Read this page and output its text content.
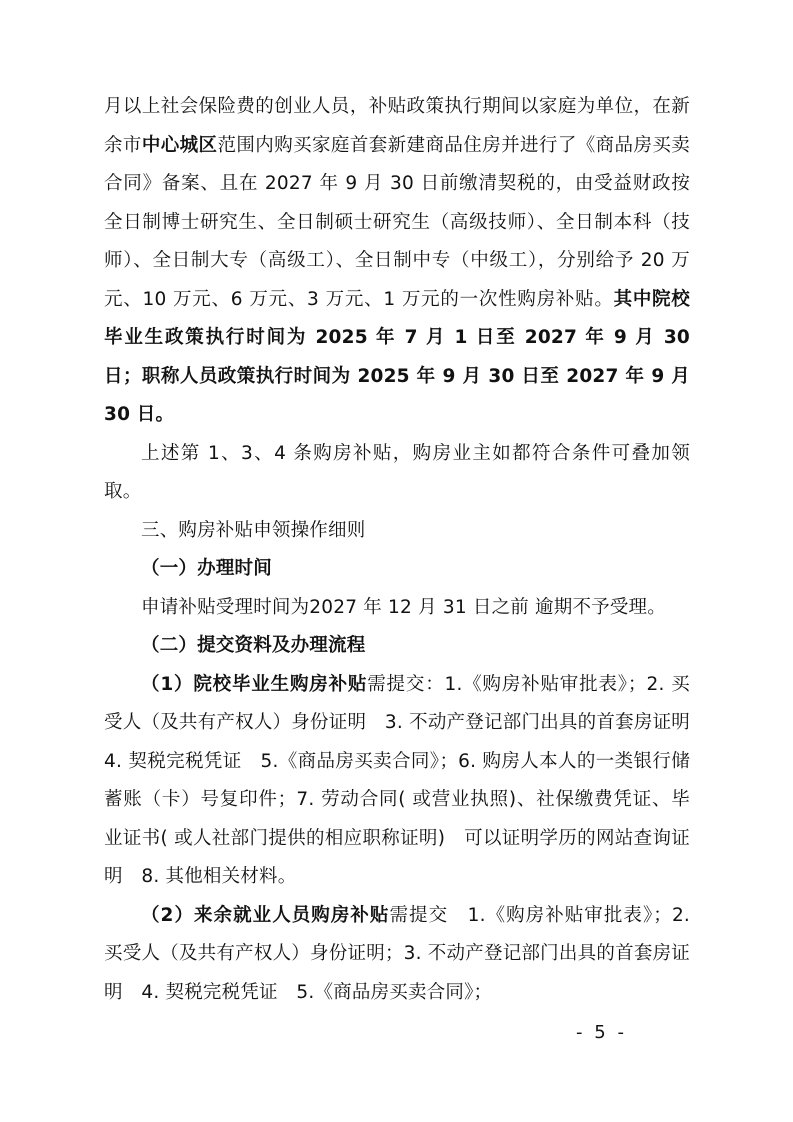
月以上社会保险费的创业人员，补贴政策执行期间以家庭为单位，在新余市中心城区范围内购买家庭首套新建商品住房并进行了《商品房买卖合同》备案、且在 2027 年 9 月 30 日前缴清契税的，由受益财政按全日制博士研究生、全日制硕士研究生（高级技师）、全日制本科（技师）、全日制大专（高级工）、全日制中专（中级工），分别给予 20 万元、10 万元、6 万元、3 万元、1 万元的一次性购房补贴。其中院校毕业生政策执行时间为 2025 年 7 月 1 日至 2027 年 9 月 30 日；职称人员政策执行时间为 2025 年 9 月 30 日至 2027 年 9 月 30 日。

上述第 1、3、4 条购房补贴，购房业主如都符合条件可叠加领取。

三、购房补贴申领操作细则

（一）办理时间

申请补贴受理时间为2027 年 12 月 31 日之前 逾期不予受理。

（二）提交资料及办理流程

（1）院校毕业生购房补贴需提交：1.《购房补贴审批表》；2. 买受人（及共有产权人）身份证明　3. 不动产登记部门出具的首套房证明　4. 契税完税凭证　5.《商品房买卖合同》；6. 购房人本人的一类银行储蓄账（卡）号复印件；7. 劳动合同( 或营业执照)、社保缴费凭证、毕业证书( 或人社部门提供的相应职称证明)　可以证明学历的网站查询证明　8. 其他相关材料。

（2）来余就业人员购房补贴需提交　1.《购房补贴审批表》；2. 买受人（及共有产权人）身份证明；3. 不动产登记部门出具的首套房证明　4. 契税完税凭证　5.《商品房买卖合同》；

- 5 -
